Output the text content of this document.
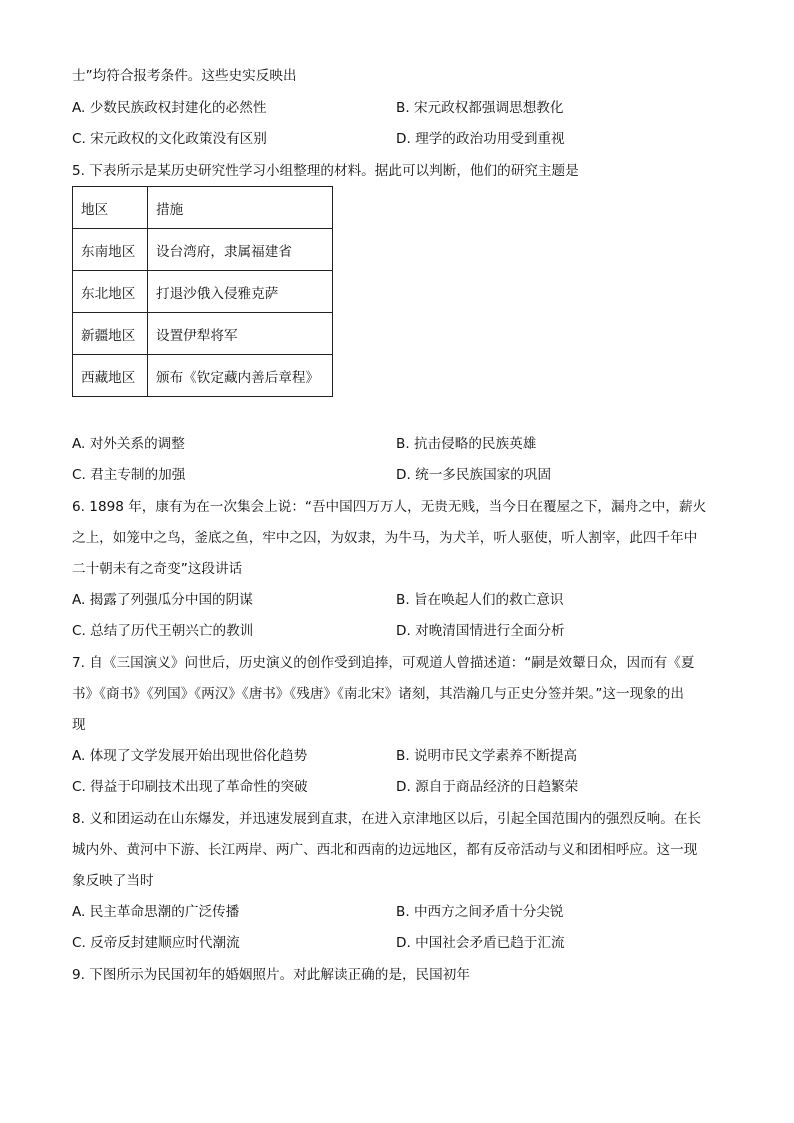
士”均符合报考条件。这些史实反映出
A. 少数民族政权封建化的必然性	B. 宋元政权都强调思想教化
C. 宋元政权的文化政策没有区别	D. 理学的政治功用受到重视
5. 下表所示是某历史研究性学习小组整理的材料。据此可以判断，他们的研究主题是
地区	措施
东南地区	设台湾府，隶属福建省
东北地区	打退沙俄入侵雅克萨
新疆地区	设置伊犁将军
西藏地区	颁布《钦定藏内善后章程》
A. 对外关系的调整	B. 抗击侵略的民族英雄
C. 君主专制的加强	D. 统一多民族国家的巩固
6. 1898 年，康有为在一次集会上说：“吾中国四万万人，无贵无贱，当今日在覆屋之下，漏舟之中，薪火
之上，如笼中之鸟，釜底之鱼，牢中之囚，为奴隶，为牛马，为犬羊，听人驱使，听人割宰，此四千年中
二十朝未有之奇变”这段讲话
A. 揭露了列强瓜分中国的阴谋	B. 旨在唤起人们的救亡意识
C. 总结了历代王朝兴亡的教训	D. 对晚清国情进行全面分析
7. 自《三国演义》问世后，历史演义的创作受到追捧，可观道人曾描述道：“嗣是效颦日众，因而有《夏
书》《商书》《列国》《两汉》《唐书》《残唐》《南北宋》诸刻，其浩瀚几与正史分签并架。”这一现象的出
现
A. 体现了文学发展开始出现世俗化趋势	B. 说明市民文学素养不断提高
C. 得益于印刷技术出现了革命性的突破	D. 源自于商品经济的日趋繁荣
8. 义和团运动在山东爆发，并迅速发展到直隶，在进入京津地区以后，引起全国范围内的强烈反响。在长
城内外、黄河中下游、长江两岸、两广、西北和西南的边远地区，都有反帝活动与义和团相呼应。这一现
象反映了当时
A. 民主革命思潮的广泛传播	B. 中西方之间矛盾十分尖锐
C. 反帝反封建顺应时代潮流	D. 中国社会矛盾已趋于汇流
9. 下图所示为民国初年的婚姻照片。对此解读正确的是，民国初年
